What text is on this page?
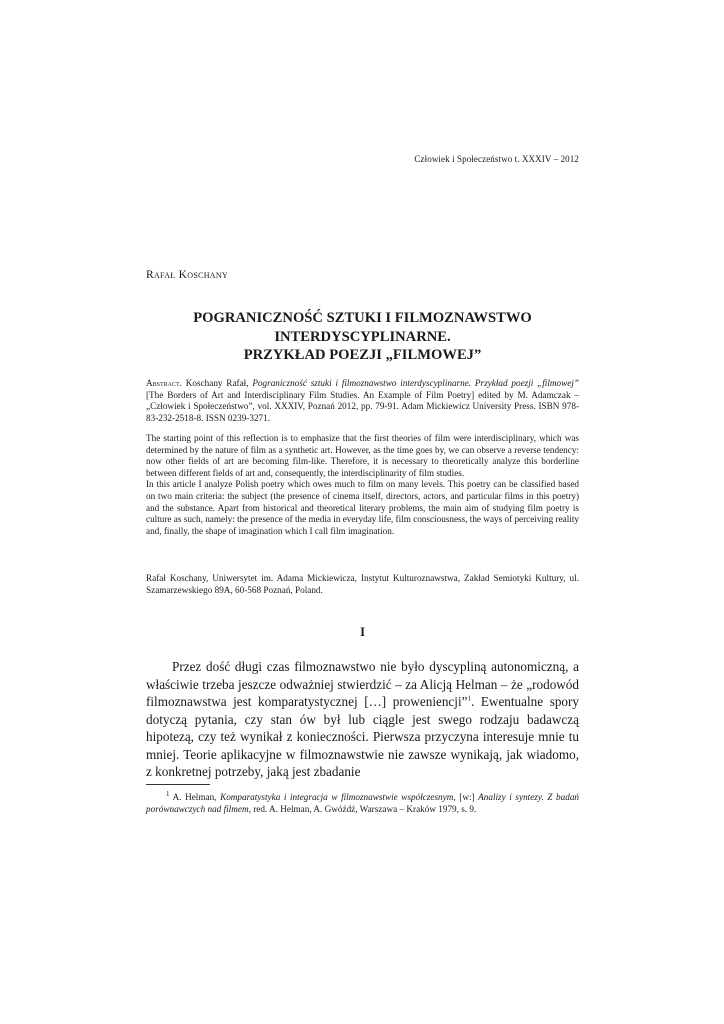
Człowiek i Społeczeństwo t. XXXIV – 2012
Rafał Koschany
POGRANICZNOŚĆ SZTUKI I FILMOZNAWSTWO
INTERDYSCYPLINARNE.
PRZYKŁAD POEZJI „FILMOWEJ”
Abstract. Koschany Rafał, Pograniczność sztuki i filmoznawstwo interdyscyplinarne. Przykład poezji „filmowej” [The Borders of Art and Interdisciplinary Film Studies. An Example of Film Poetry] edited by M. Adamczak – „Człowiek i Społeczeństwo”, vol. XXXIV, Poznań 2012, pp. 79-91. Adam Mickiewicz University Press. ISBN 978-83-232-2518-8. ISSN 0239-3271.

The starting point of this reflection is to emphasize that the first theories of film were interdisciplinary, which was determined by the nature of film as a synthetic art. However, as the time goes by, we can observe a reverse tendency: now other fields of art are becoming film-like. Therefore, it is necessary to theoretically analyze this borderline between different fields of art and, consequently, the interdisciplinarity of film studies.

In this article I analyze Polish poetry which owes much to film on many levels. This poetry can be classified based on two main criteria: the subject (the presence of cinema itself, directors, actors, and particular films in this poetry) and the substance. Apart from historical and theoretical literary problems, the main aim of studying film poetry is culture as such, namely: the presence of the media in everyday life, film consciousness, the ways of perceiving reality and, finally, the shape of imagination which I call film imagination.

Rafał Koschany, Uniwersytet im. Adama Mickiewicza, Instytut Kulturoznawstwa, Zakład Semiotyki Kultury, ul. Szamarzewskiego 89A, 60-568 Poznań, Poland.
I

Przez dość długi czas filmoznawstwo nie było dyscypliną autonomiczną, a właściwie trzeba jeszcze odważniej stwierdzić – za Alicją Helman – że „rodowód filmoznawstwa jest komparatystycznej […] proweniencji”$^1$. Ewentualne spory dotyczą pytania, czy stan ów był lub ciągle jest swego rodzaju badawczą hipotezą, czy też wynikał z konieczności. Pierwsza przyczyna interesuje mnie tu mniej. Teorie aplikacyjne w filmoznawstwie nie zawsze wynikają, jak wiadomo, z konkretnej potrzeby, jaką jest zbadanie

$^1$ A. Helman, Komparatystyka i integracja w filmoznawstwie współczesnym, [w:] Analizy i syntezy. Z badań porównawczych nad filmem, red. A. Helman, A. Gwóźdź, Warszawa – Kraków 1979, s. 9.
